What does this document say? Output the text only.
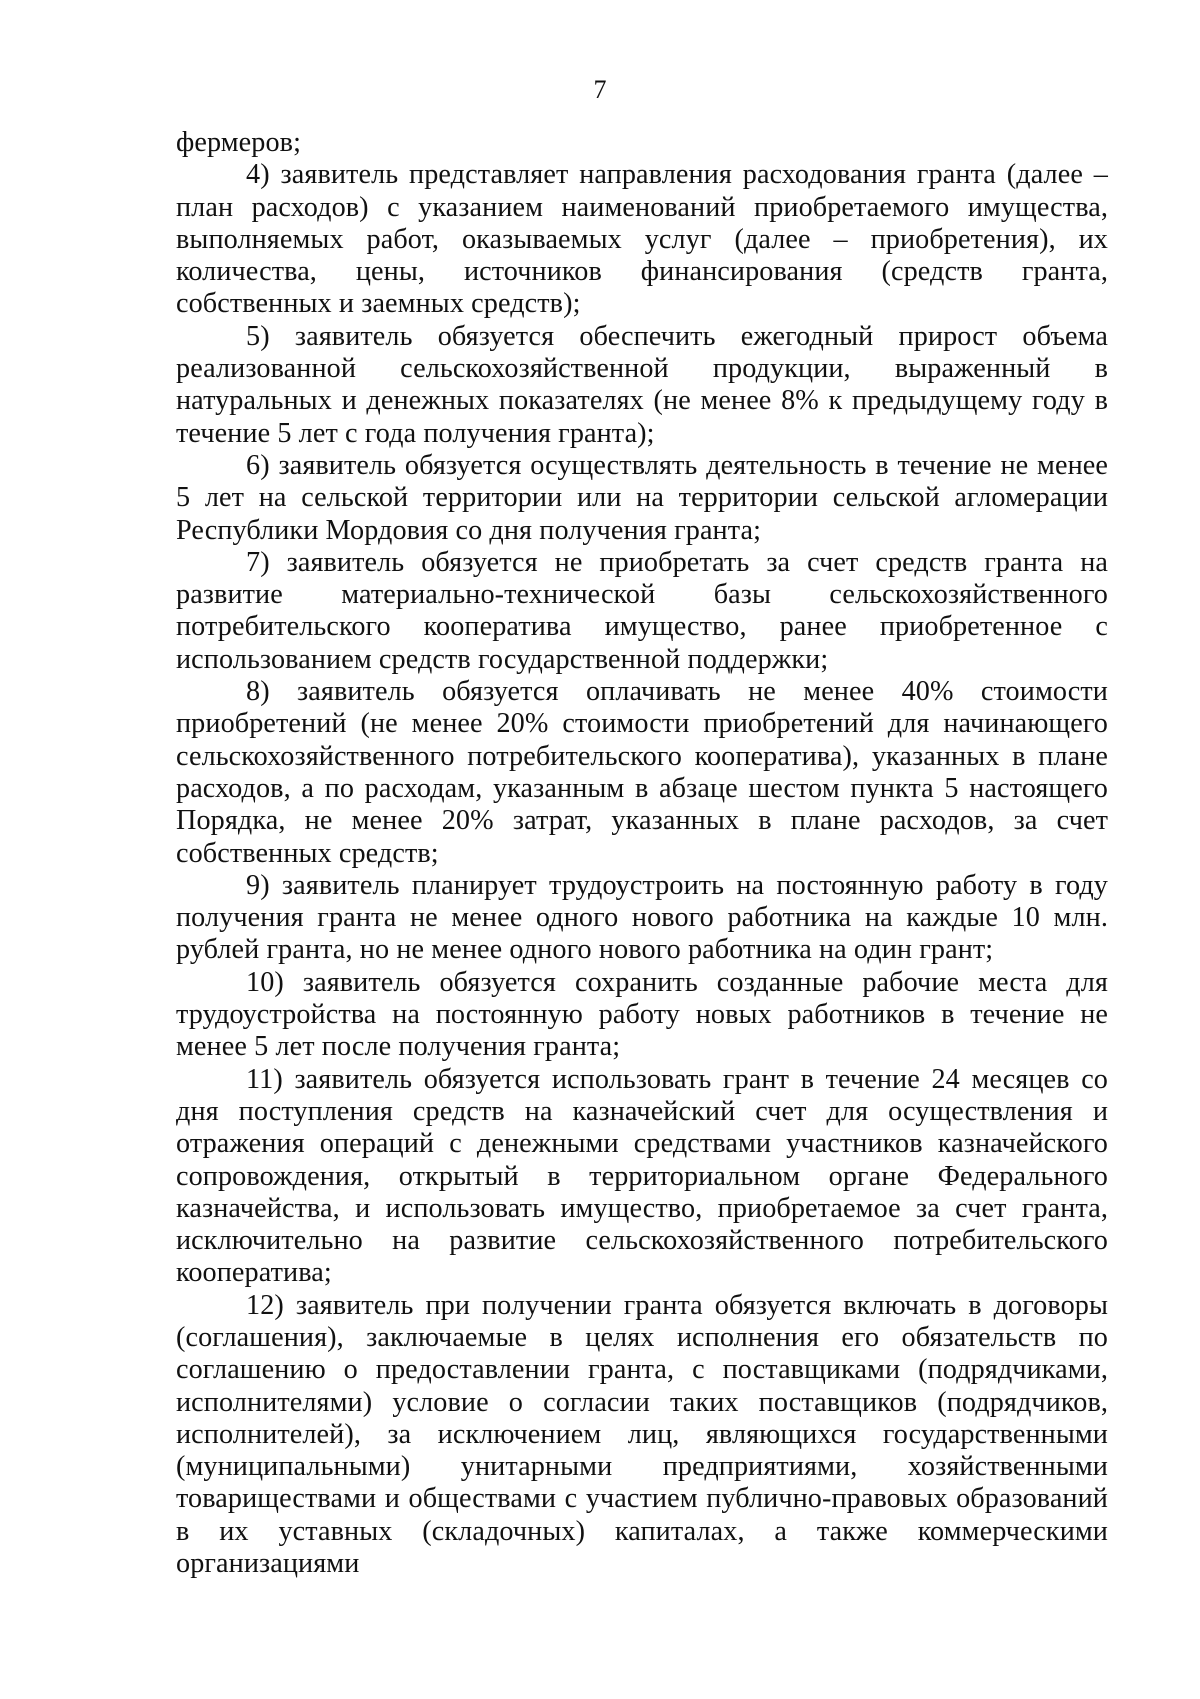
7

фермеров;

4) заявитель представляет направления расходования гранта (далее – план расходов) с указанием наименований приобретаемого имущества, выполняемых работ, оказываемых услуг (далее – приобретения), их количества, цены, источников финансирования (средств гранта, собственных и заемных средств);

5) заявитель обязуется обеспечить ежегодный прирост объема реализованной сельскохозяйственной продукции, выраженный в натуральных и денежных показателях (не менее 8% к предыдущему году в течение 5 лет с года получения гранта);

6) заявитель обязуется осуществлять деятельность в течение не менее 5 лет на сельской территории или на территории сельской агломерации Республики Мордовия со дня получения гранта;

7) заявитель обязуется не приобретать за счет средств гранта на развитие материально-технической базы сельскохозяйственного потребительского кооператива имущество, ранее приобретенное с использованием средств государственной поддержки;

8) заявитель обязуется оплачивать не менее 40% стоимости приобретений (не менее 20% стоимости приобретений для начинающего сельскохозяйственного потребительского кооператива), указанных в плане расходов, а по расходам, указанным в абзаце шестом пункта 5 настоящего Порядка, не менее 20% затрат, указанных в плане расходов, за счет собственных средств;

9) заявитель планирует трудоустроить на постоянную работу в году получения гранта не менее одного нового работника на каждые 10 млн. рублей гранта, но не менее одного нового работника на один грант;

10) заявитель обязуется сохранить созданные рабочие места для трудоустройства на постоянную работу новых работников в течение не менее 5 лет после получения гранта;

11) заявитель обязуется использовать грант в течение 24 месяцев со дня поступления средств на казначейский счет для осуществления и отражения операций с денежными средствами участников казначейского сопровождения, открытый в территориальном органе Федерального казначейства, и использовать имущество, приобретаемое за счет гранта, исключительно на развитие сельскохозяйственного потребительского кооператива;

12) заявитель при получении гранта обязуется включать в договоры (соглашения), заключаемые в целях исполнения его обязательств по соглашению о предоставлении гранта, с поставщиками (подрядчиками, исполнителями) условие о согласии таких поставщиков (подрядчиков, исполнителей), за исключением лиц, являющихся государственными (муниципальными) унитарными предприятиями, хозяйственными товариществами и обществами с участием публично-правовых образований в их уставных (складочных) капиталах, а также коммерческими организациями
